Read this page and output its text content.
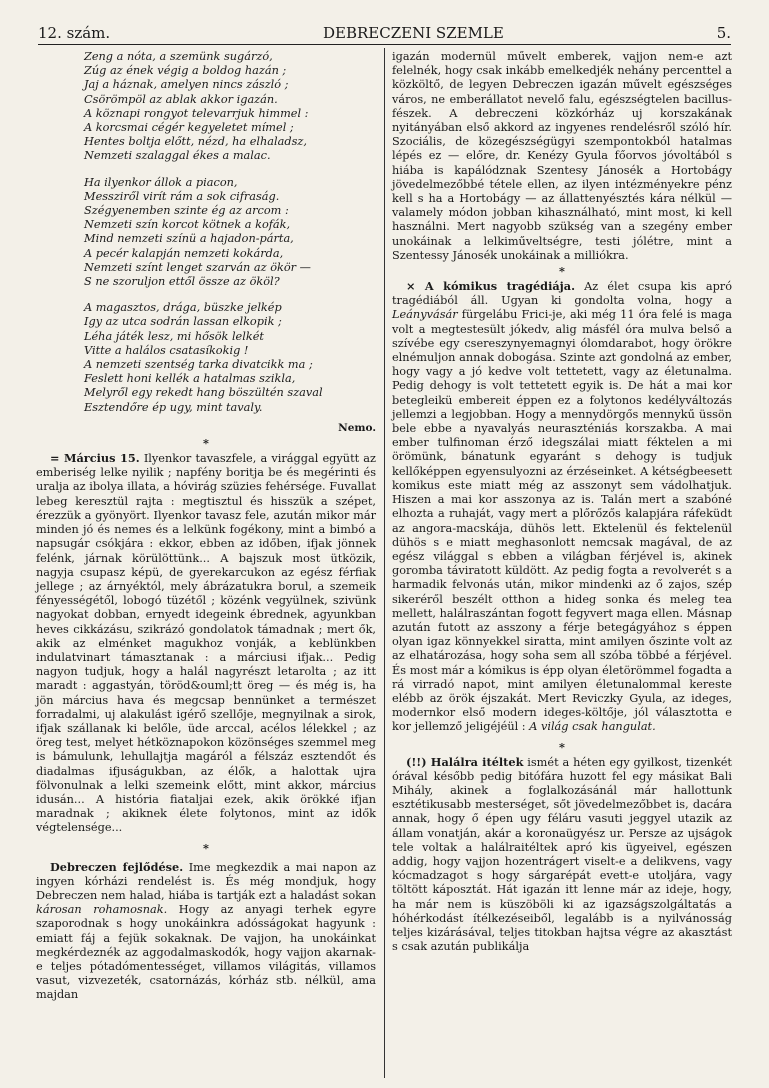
12. szám.	DEBRECZENI SZEMLE	5.

Zeng a nóta, a szemünk sugárzó,

Zúg az ének végig a boldog hazán ;

Jaj a háznak, amelyen nincs zászló ;

Csörömpöl az ablak akkor igazán.

A köznapi rongyot televarrjuk himmel :

A korcsmai cégér kegyeletet mímel ;

Hentes boltja előtt, nézd, ha elhaladsz,

Nemzeti szalaggal ékes a malac.

Ha ilyenkor állok a piacon,

Messziről virít rám a sok cifraság.

Szégyenemben szinte ég az arcom :

Nemzeti szín korcot kötnek a kofák,

Mind nemzeti színü a hajadon-párta,

A pecér kalapján nemzeti kokárda,

Nemzeti színt lenget szarván az ökör —

S ne szoruljon ettől össze az ököl?

A magasztos, drága, büszke jelkép

Igy az utca sodrán lassan elkopik ;

Léha játék lesz, mi hősök lelkét

Vitte a halálos csatasíkokig !

A nemzeti szentség tarka divatcikk ma ;

Feslett honi kellék a hatalmas szikla,

Melyről egy rekedt hang böszültén szaval

Esztendőre ép ugy, mint tavaly.

Nemo.
*

= Március 15. Ilyenkor tavaszfele, a virággal együtt az emberiség lelke nyilik ; napfény boritja be és megérinti és uralja az ibolya illata, a hóvirág szüzies fehérsége. Fuvallat lebeg keresztül rajta : megtisztul és hisszük a szépet, érezzük a gyönyört. Ilyenkor tavasz fele, azután mikor már minden jó és nemes és a lelkünk fogékony, mint a bimbó a napsugár csókjára : ekkor, ebben az időben, ifjak jönnek felénk, járnak körülöttünk... A bajszuk most ütközik, nagyja csupasz képü, de gyerekarcukon az egész férfiak jellege ; az árnyéktól, mely ábrázatukra borul, a szemeik fényességétől, lobogó tüzétől ; közénk vegyülnek, szivünk nagyokat dobban, ernyedt idegeink ébrednek, agyunkban heves cikkázásu, szikrázó gondolatok támadnak ; mert ők, akik az elménket magukhoz vonják, a keblünkben indulatvinart támasztanak : a márciusi ifjak... Pedig nagyon tudjuk, hogy a halál nagyrészt letarolta ; az itt maradt : aggastyán, töröd&ouml;tt öreg — és még is, ha jön március hava és megcsap bennünket a természet forradalmi, uj alakulást igérő szellője, megnyilnak a sirok, ifjak szállanak ki belőle, üde arccal, acélos lélekkel ; az öreg test, melyet hétköznapokon közönséges szemmel meg is bámulunk, lehullajtja magáról a félszáz esztendőt és diadalmas ifjuságukban, az élők, a halottak ujra fölvonulnak a lelki szemeink előtt, mint akkor, március idusán... A história fiataljai ezek, akik örökké ifjan maradnak ; akiknek élete folytonos, mint az idők végtelensége...

*

Debreczen fejlődése. Ime megkezdik a mai napon az ingyen kórházi rendelést is. És még mondjuk, hogy Debreczen nem halad, hiába is tartják ezt a haladást sokan károsan rohamosnak. Hogy az anyagi terhek egyre szaporodnak s hogy unokáinkra adósságokat hagyunk : emiatt fáj a fejük sokaknak. De vajjon, ha unokáinkat megkérdeznék az aggodalmaskodók, hogy vajjon akarnak-e teljes pótadómentességet, villamos világitás, villamos vasut, vizvezeték, csatornázás, kórház stb. nélkül, ama majdan

igazán modernül művelt emberek, vajjon nem-e azt felelnék, hogy csak inkább emelkedjék nehány percenttel a közköltő, de legyen Debreczen igazán művelt egészséges város, ne emberállatot nevelő falu, egészségtelen bacillus-fészek. A debreczeni közkórház uj korszakának nyitányában első akkord az ingyenes rendelésről szóló hír. Szociális, de közegészségügyi szempontokból hatalmas lépés ez — előre, dr. Kenézy Gyula főorvos jóvoltából s hiába is kapálódznak Szentesy Jánosék a Hortobágy jövedelmezőbbé tétele ellen, az ilyen intézményekre pénz kell s ha a Hortobágy — az állattenyésztés kára nélkül — valamely módon jobban kihasználható, mint most, ki kell használni. Mert nagyobb szükség van a szegény ember unokáinak a lelkiműveltségre, testi jólétre, mint a Szentessy Jánosék unokáinak a milliókra.

*

× A kómikus tragédiája. Az élet csupa kis apró tragédiából áll. Ugyan ki gondolta volna, hogy a Leányvásár fürgelábu Frici-je, aki még 11 óra felé is maga volt a megtestesült jókedv, alig másfél óra mulva belső a szívébe egy csereszynyemagnyi ólomdarabot, hogy örökre elnémuljon annak dobogása. Szinte azt gondolná az ember, hogy vagy a jó kedve volt tettetett, vagy az életunalma. Pedig dehogy is volt tettetett egyik is. De hát a mai kor betegleikü embereit éppen ez a folytonos kedélyváltozás jellemzi a legjobban. Hogy a mennydörgős mennykű üssön bele ebbe a nyavalyás neuraszténiás korszakba. A mai ember tulfinoman érző idegszálai miatt féktelen a mi örömünk, bánatunk egyaránt s dehogy is tudjuk kellőképpen egyensulyozni az érzéseinket. A kétségbeesett komikus este miatt még az asszonyt sem vádolhatjuk. Hiszen a mai kor asszonya az is. Talán mert a szabóné elhozta a ruhaját, vagy mert a plőrőzős kalapjára ráfeküdt az angora-macskája, dühös lett. Ektelenül és fektelenül dühös s e miatt meghasonlott nemcsak magával, de az egész világgal s ebben a világban férjével is, akinek goromba táviratott küldött. Az pedig fogta a revolverét s a harmadik felvonás után, mikor mindenki az ő zajos, szép sikeréről beszélt otthon a hideg sonka és meleg tea mellett, halálraszántan fogott fegyvert maga ellen. Másnap azután futott az asszony a férje betegágyához s éppen olyan igaz könnyekkel siratta, mint amilyen őszinte volt az az elhatározása, hogy soha sem all szóba többé a férjével. És most már a kómikus is épp olyan életörömmel fogadta a rá virradó napot, mint amilyen életunalommal kereste elébb az örök éjszakát. Mert Reviczky Gyula, az ideges, modernkor első modern ideges-költője, jól választotta e kor jellemző jeligéjéül : A világ csak hangulat.

*

(!!) Halálra itéltek ismét a héten egy gyilkost, tizenkét órával később pedig bitófára huzott fel egy másikat Bali Mihály, akinek a foglalkozásánál már hallottunk esztétikusabb mesterséget, sőt jövedelmezőbbet is, dacára annak, hogy ő épen ugy féláru vasuti jeggyel utazik az állam vonatján, akár a koronaügyész ur. Persze az ujságok tele voltak a halálraitéltek apró kis ügyeivel, egészen addig, hogy vajjon hozentrágert viselt-e a delikvens, vagy kócmadzagot s hogy sárgarépát evett-e utoljára, vagy töltött káposztát. Hát igazán itt lenne már az ideje, hogy, ha már nem is küszöböli ki az igazságszolgáltatás a hóhérkodást ítélkezéseiből, legalább is a nyilvánosság teljes kizárásával, teljes titokban hajtsa végre az akasztást s csak azután publikálja
